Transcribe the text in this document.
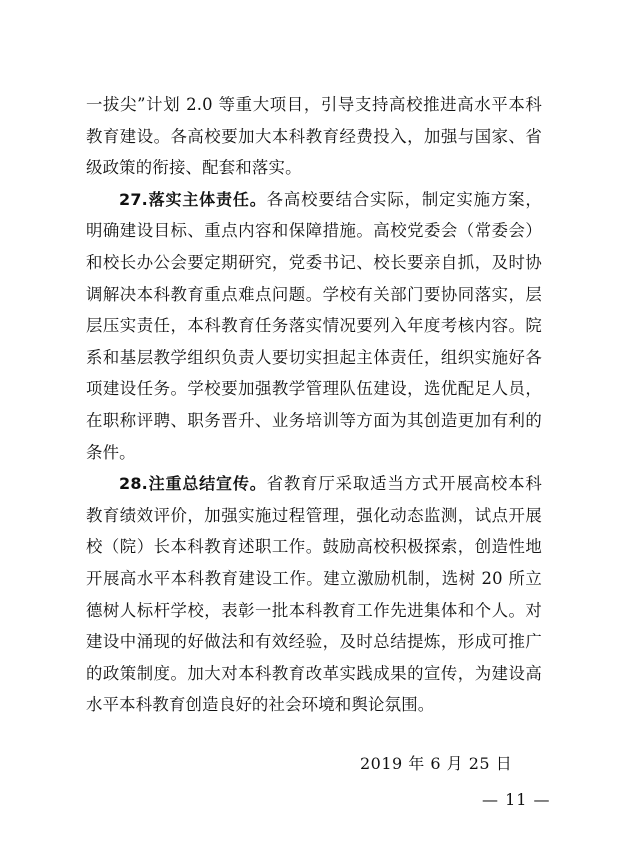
一拔尖”计划 2.0 等重大项目，引导支持高校推进高水平本科教育建设。各高校要加大本科教育经费投入，加强与国家、省级政策的衔接、配套和落实。

27.落实主体责任。各高校要结合实际，制定实施方案，明确建设目标、重点内容和保障措施。高校党委会（常委会）和校长办公会要定期研究，党委书记、校长要亲自抓，及时协调解决本科教育重点难点问题。学校有关部门要协同落实，层层压实责任，本科教育任务落实情况要列入年度考核内容。院系和基层教学组织负责人要切实担起主体责任，组织实施好各项建设任务。学校要加强教学管理队伍建设，选优配足人员，在职称评聘、职务晋升、业务培训等方面为其创造更加有利的条件。

28.注重总结宣传。省教育厅采取适当方式开展高校本科教育绩效评价，加强实施过程管理，强化动态监测，试点开展校（院）长本科教育述职工作。鼓励高校积极探索，创造性地开展高水平本科教育建设工作。建立激励机制，选树 20 所立德树人标杆学校，表彰一批本科教育工作先进集体和个人。对建设中涌现的好做法和有效经验，及时总结提炼，形成可推广的政策制度。加大对本科教育改革实践成果的宣传，为建设高水平本科教育创造良好的社会环境和舆论氛围。

2019 年 6 月 25 日
— 11 —
